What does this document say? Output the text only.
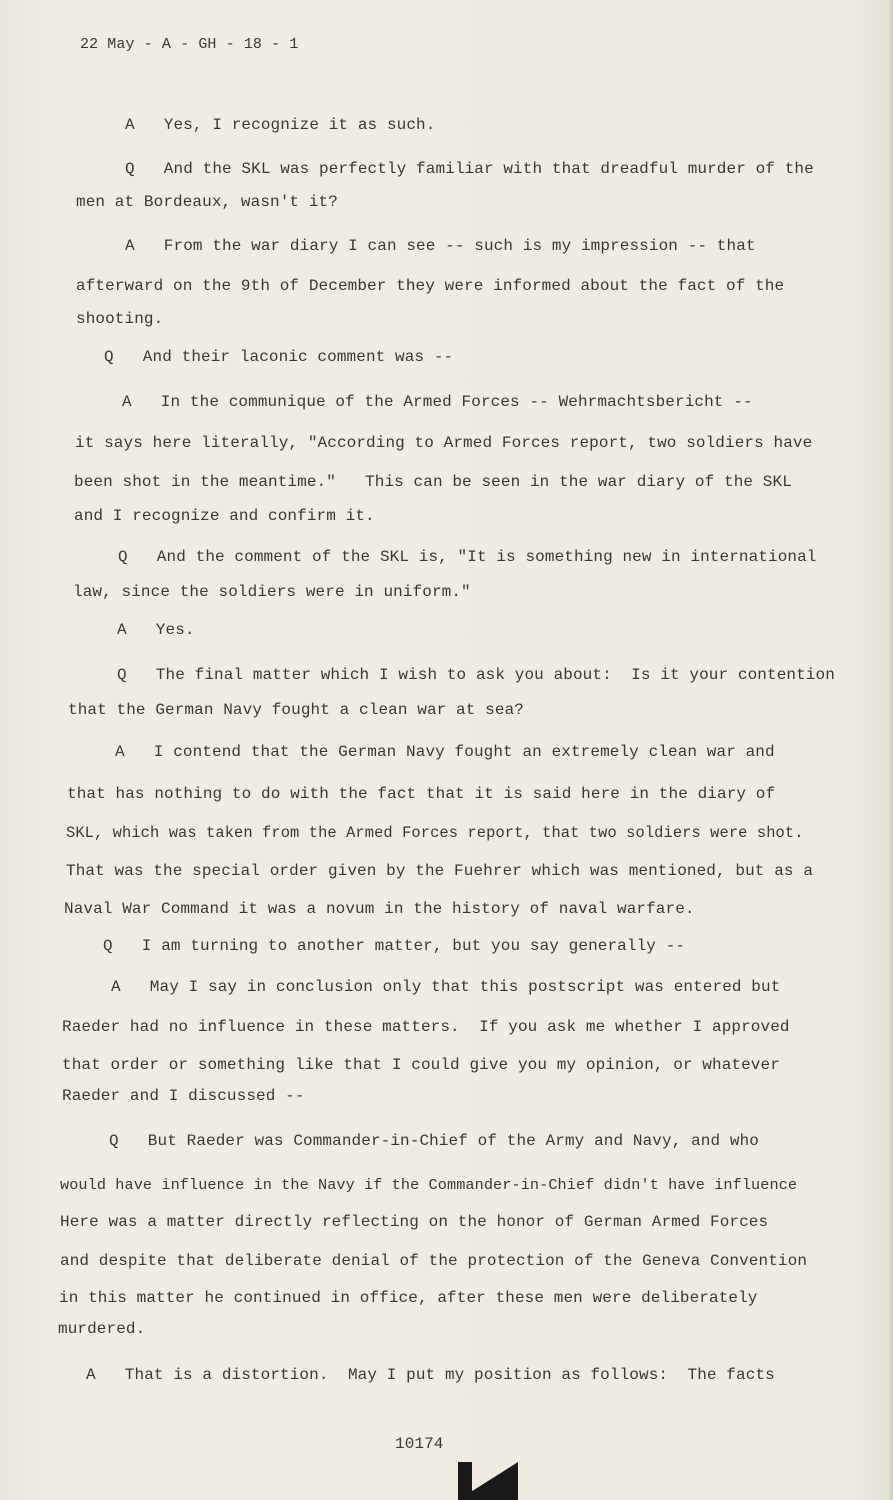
22 May - A - GH - 18 - 1
A   Yes, I recognize it as such.
Q   And the SKL was perfectly familiar with that dreadful murder of the
men at Bordeaux, wasn't it?
A   From the war diary I can see -- such is my impression -- that
afterward on the 9th of December they were informed about the fact of the
shooting.
Q   And their laconic comment was --
A   In the communique of the Armed Forces -- Wehrmachtsbericht --
it says here literally, "According to Armed Forces report, two soldiers have
been shot in the meantime."   This can be seen in the war diary of the SKL
and I recognize and confirm it.
Q   And the comment of the SKL is, "It is something new in international
law, since the soldiers were in uniform."
A   Yes.
Q   The final matter which I wish to ask you about:  Is it your contention
that the German Navy fought a clean war at sea?
A   I contend that the German Navy fought an extremely clean war and
that has nothing to do with the fact that it is said here in the diary of
SKL, which was taken from the Armed Forces report, that two soldiers were shot.
That was the special order given by the Fuehrer which was mentioned, but as a
Naval War Command it was a novum in the history of naval warfare.
Q   I am turning to another matter, but you say generally --
A   May I say in conclusion only that this postscript was entered but
Raeder had no influence in these matters.  If you ask me whether I approved
that order or something like that I could give you my opinion, or whatever
Raeder and I discussed --
Q   But Raeder was Commander-in-Chief of the Army and Navy, and who
would have influence in the Navy if the Commander-in-Chief didn't have influence
Here was a matter directly reflecting on the honor of German Armed Forces
and despite that deliberate denial of the protection of the Geneva Convention
in this matter he continued in office, after these men were deliberately
murdered.
A   That is a distortion.  May I put my position as follows:  The facts
10174
